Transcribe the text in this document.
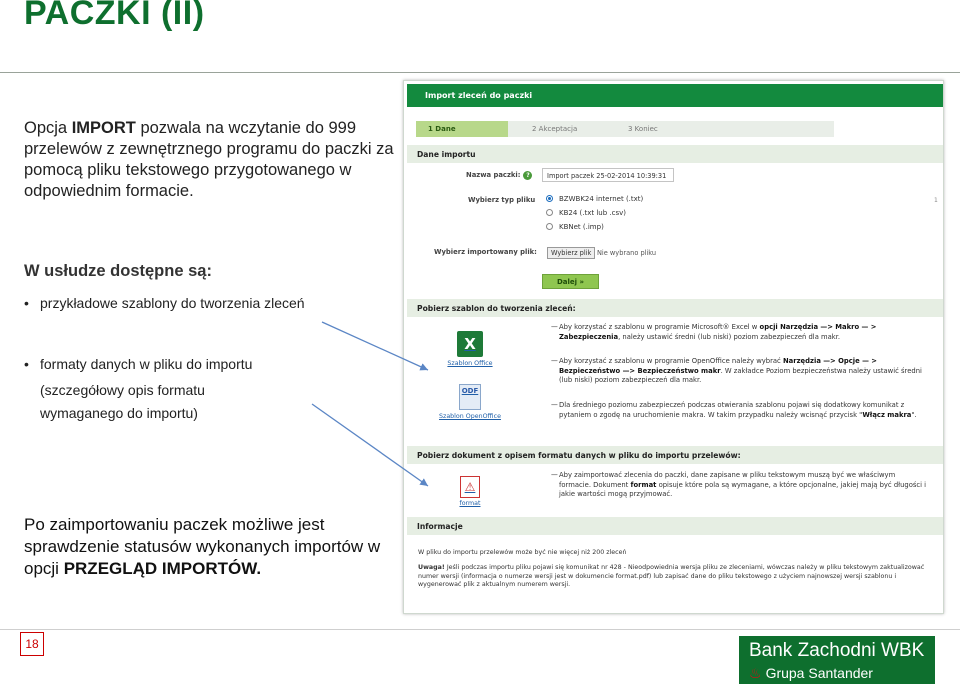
PACZKI (II)
Opcja IMPORT pozwala na wczytanie do 999 przelewów z zewnętrznego programu do paczki za pomocą pliku tekstowego przygotowanego w odpowiednim formacie.
W usłudze dostępne są:
• przykładowe szablony do tworzenia zleceń
• formaty danych w pliku do importu
(szczegółowy opis formatu
wymaganego do importu)
Po zaimportowaniu paczek możliwe jest sprawdzenie statusów wykonanych importów w opcji PRZEGLĄD IMPORTÓW.
18	Bank Zachodni WBK
♨ Grupa Santander
Import zleceń do paczki
1 Dane	2 Akceptacja	3 Koniec
Dane importu
Nazwa paczki: ?	Import paczek 25-02-2014 10:39:31
Wybierz typ pliku	BZWBK24 internet (.txt)
KB24 (.txt lub .csv)
KBNet (.imp)
1
Wybierz importowany plik:	Wybierz plik Nie wybrano pliku
Dalej »
Pobierz szablon do tworzenia zleceń:
X
Szablon Office
ODF
Szablon OpenOffice
— Aby korzystać z szablonu w programie Microsoft® Excel w opcji Narzędzia —> Makro — > Zabezpieczenia, należy ustawić średni (lub niski) poziom zabezpieczeń dla makr.
— Aby korzystać z szablonu w programie OpenOffice należy wybrać Narzędzia —> Opcje — > Bezpieczeństwo —> Bezpieczeństwo makr. W zakładce Poziom bezpieczeństwa należy ustawić średni (lub niski) poziom zabezpieczeń dla makr.
— Dla średniego poziomu zabezpieczeń podczas otwierania szablonu pojawi się dodatkowy komunikat z pytaniem o zgodę na uruchomienie makra. W takim przypadku należy wcisnąć przycisk "Włącz makra".
Pobierz dokument z opisem formatu danych w pliku do importu przelewów:
⚠
format
— Aby zaimportować zlecenia do paczki, dane zapisane w pliku tekstowym muszą być we właściwym formacie. Dokument format opisuje które pola są wymagane, a które opcjonalne, jakiej mają być długości i jakie wartości mogą przyjmować.
Informacje
W pliku do importu przelewów może być nie więcej niż 200 zleceń
Uwaga! Jeśli podczas importu pliku pojawi się komunikat nr 428 - Nieodpowiednia wersja pliku ze zleceniami, wówczas należy w pliku tekstowym zaktualizować numer wersji (informacja o numerze wersji jest w dokumencie format.pdf) lub zapisać dane do pliku tekstowego z użyciem najnowszej wersji szablonu i wygenerować plik z aktualnym numerem wersji.
